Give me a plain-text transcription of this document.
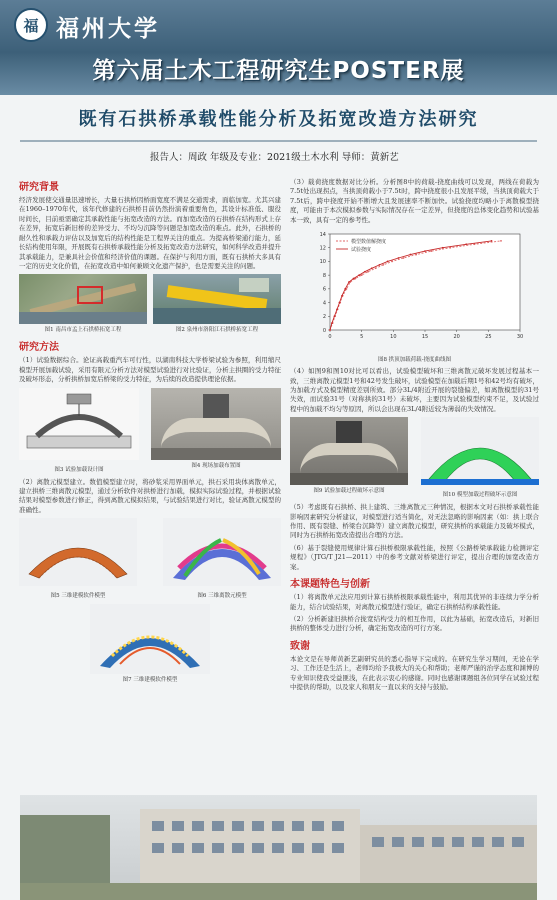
福 福州大学
第六届土木工程研究生POSTER展
既有石拱桥承载性能分析及拓宽改造方法研究
报告人：周政 年级及专业：2021级土木水利 导师：黄新艺
研究背景

经济发展使交通量迅速增长，大量石拱桥因桥面宽度不满足交通需求，面临加宽。尤其兴建在1960–1970年代，该年代修建的石拱桥目前仍然扮演着重要角色，其设计标准低、服役时间长，目前亟需确定其承载性能与拓宽改造的方法。而加宽改造的石拱桥在结构形式上存在差异，拓宽后新旧桥的差异受力、不均匀沉降等问题是加宽改造的难点。此外，石拱桥的耐久性和承载力评估以及加宽后的结构性能是工程界关注的重点。为提高桥梁通行能力，延长结构使用年限，开展既有石拱桥承载性能分析及拓宽改造方法研究，如何科学改造并提升其承载能力，是兼具社会价值和经济价值的课题。在保护与利用方面，既有石拱桥大多具有一定的历史文化价值，在拓宽改造中如何兼顾文化遗产保护，也是需要关注的问题。

图1 南昌市孟上石拱桥拓宽工程	图2 泉州市洛阳江石拱桥拓宽工程
研究方法

（1）试验数据综合。论证高载重汽车可行性，以湖南科技大学桥梁试验为参照，利用缩尺模型开展加载试验，采用有限元分析方法对模型试验进行对比验证，分析主拱圈的受力特征及破坏形态，分析拱桥加宽后桥梁的受力特征，为后续的改造提供理论依据。

图3 试验加载设计图
图4 现场加载布置图

（2）离散元模型建立。数值模型建立时，将砂浆采用界面单元，拱石采用块体离散单元，建立拱桥三维离散元模型，通过分析软件对拱桥进行加载，模拟实际试验过程，并根据试验结果对模型参数进行修正，得到离散元模拟结果，与试验结果进行对比，验证离散元模型的准确性。

图5 三维建模软件模型	图6 三维离散元模型
图7 三维建模软件模型

（3）载荷挠度数据对比分析。分析图8中的荷载-挠度曲线可以发现，两线在荷载为7.5t处出现拐点，当拱顶荷载小于7.5t时，跨中挠度很小且发展平缓，当拱顶荷载大于7.5t后，跨中挠度开始不断增大且发展速率不断加快。试验挠度均略小于离散模型挠度，可能由于本次模拟参数与实际情况存在一定差异，但挠度的总体变化趋势和试验基本一致，具有一定的参考性。

0	5	10	15	20	25	30
0
2
4
6
8
10
12
14
模型数值解挠度
试验挠度
图8 拱顶加载荷载-挠度曲线图

（4）如图9和图10对比可以看出，试验模型破坏和三维离散元破坏发展过程基本一致，三维离散元模型1号和42号发生破坏，试验模型在加载后期1号和42号均有破坏，为加载方式及模型精度差别所致。部分3L/4附近开展的裂缝偏差，如离散模型的31号失效，而试验31号（对称拱的31号）未破坏，主要因为试验模型约束不足，及试验过程中的加载不均匀等原因，所以会出现在3L/4附近较为薄弱的失效情况。

图9 试验加载过程破坏示意图
图10 模型加载过程破坏示意图

（5）考虑既有石拱桥、拱上建筑、三维离散元三种情况，根据本文对石拱桥承载性能影响因素研究分析建议，对模型进行适当简化，对无法忽略的影响因素（如：拱上联合作用、既有裂缝、桥梁台沉降等）建立离散元模型，研究拱桥的承载能力及破坏模式，同时为石拱桥拓宽改造提出合理的方法。

（6）基于裂缝使用规律计算石拱桥极限承载性能，按照《公路桥梁承载能力检测评定规程》（JTG/T J21—2011）中的参考文献对桥梁进行评定，提出合理的加宽改造方案。

本课题特色与创新

（1）将离散单元法应用到计算石拱桥极限承载性能中，利用其优异的非连续力学分析能力，结合试验结果，对离散元模型进行验证，确定石拱桥结构承载性能。

（2）分析新建旧拱桥合拢宽结构受力的相互作用，以此为基础，拓宽改造后，对新旧拱桥的整体受力进行分析，确定拓宽改造的可行方案。

致谢

本论文是在导师黄新艺副研究员的悉心指导下完成的。在研究生学习期间，无论在学习、工作还是生活上，老师均给予我极大的关心和帮助；老师严谨的治学态度和渊博的专业知识使我受益匪浅，在此表示衷心的感谢。同时也感谢课题组各位同学在试验过程中提供的帮助，以及家人和朋友一直以来的支持与鼓励。
